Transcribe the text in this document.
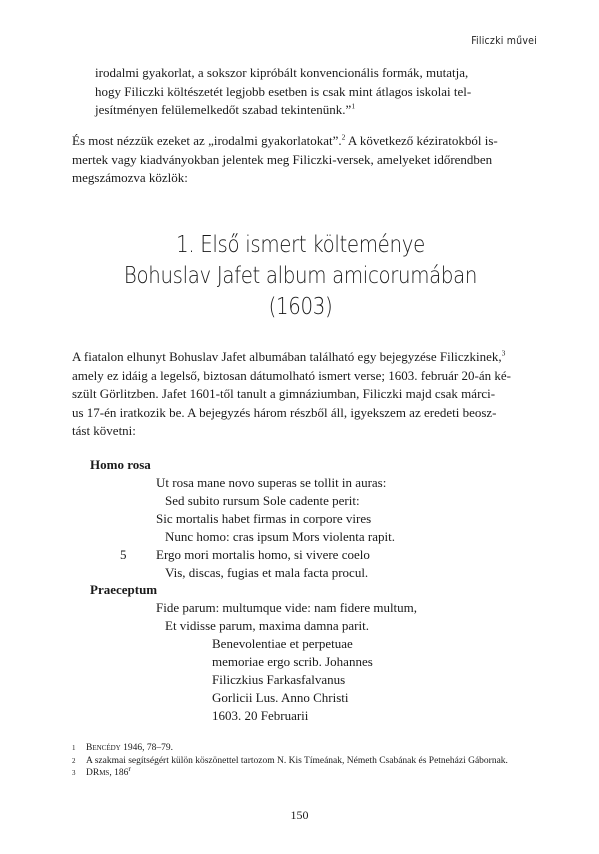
Filiczki művei
irodalmi gyakorlat, a sokszor kipróbált konvencionális formák, mutatja,
hogy Filiczki költészetét legjobb esetben is csak mint átlagos iskolai tel-
jesítményen felülemelkedőt szabad tekintenünk.”$^1$
És most nézzük ezeket az „irodalmi gyakorlatokat”.$^2$ A következő kéziratokból is-
mertek vagy kiadványokban jelentek meg Filiczki-versek, amelyeket időrendben
megszámozva közlök:
1. Első ismert költeménye
Bohuslav Jafet album amicorumában
(1603)
A fiatalon elhunyt Bohuslav Jafet albumában található egy bejegyzése Filiczkinek,$^3$
amely ez idáig a legelső, biztosan dátumolható ismert verse; 1603. február 20-án ké-
szült Görlitzben. Jafet 1601-től tanult a gimnáziumban, Filiczki majd csak márci-
us 17-én iratkozik be. A bejegyzés három részből áll, igyekszem az eredeti beosz-
tást követni:
Homo rosa
Ut rosa mane novo superas se tollit in auras:
Sed subito rursum Sole cadente perit:
Sic mortalis habet firmas in corpore vires
Nunc homo: cras ipsum Mors violenta rapit.
5 Ergo mori mortalis homo, si vivere coelo
Vis, discas, fugias et mala facta procul.
Praeceptum
Fide parum: multumque vide: nam fidere multum,
Et vidisse parum, maxima damna parit.
Benevolentiae et perpetuae
memoriae ergo scrib. Johannes
Filiczkius Farkasfalvanus
Gorlicii Lus. Anno Christi
1603. 20 Februarii
1 Bencédy 1946, 78–79.
2 A szakmai segítségért külön köszönettel tartozom N. Kis Tímeának, Németh Csabának és Petneházi Gábornak.
3 DRms, 186$^r$
150
